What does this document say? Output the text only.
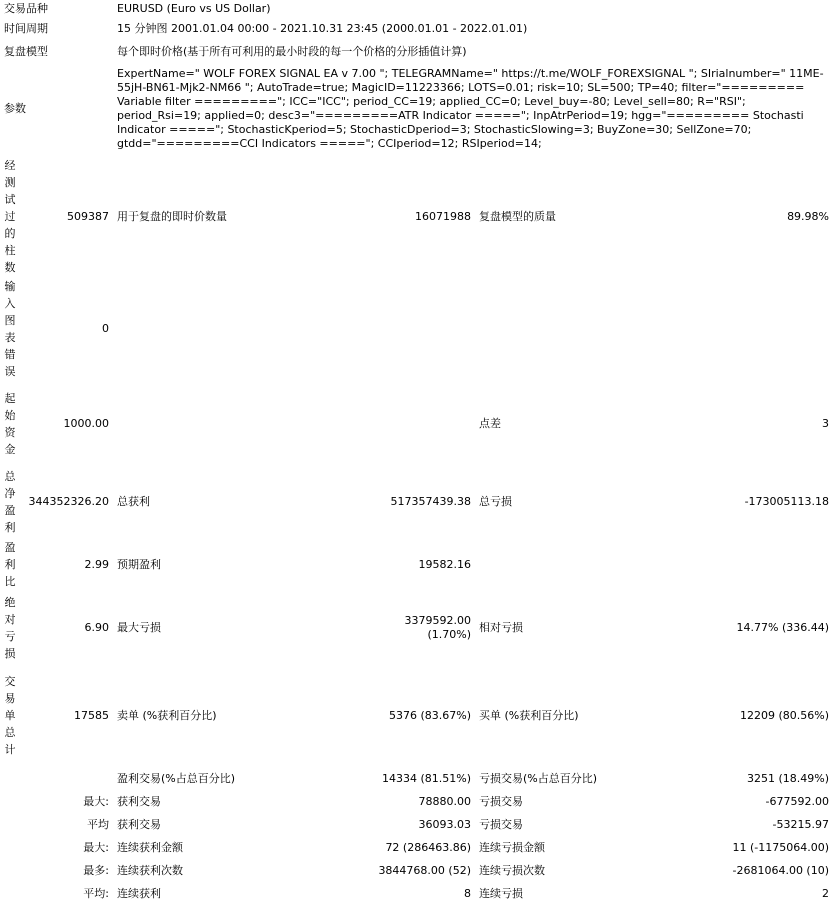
交易品种		EURUSD (Euro vs US Dollar)			
时间周期		15 分钟图 2001.01.04 00:00 - 2021.10.31 23:45 (2000.01.01 - 2022.01.01)			
复盘模型		每个即时价格(基于所有可利用的最小时段的每一个价格的分形插值计算)			
参数		ExpertName=" WOLF FOREX SIGNAL EA v 7.00 "; TELEGRAMName=" https://t.me/WOLF_FOREXSIGNAL "; SIrialnumber=" 11ME-55jH-BN61-Mjk2-NM66 "; AutoTrade=true; MagicID=11223366; LOTS=0.01; risk=10; SL=500; TP=40; filter="========= Variable filter ========="; ICC="ICC"; period_CC=19; applied_CC=0; Level_buy=-80; Level_sell=80; R="RSI"; period_Rsi=19; applied=0; desc3="=========ATR Indicator ====="; InpAtrPeriod=19; hgg="========= Stochasti Indicator ====="; StochasticKperiod=5; StochasticDperiod=3; StochasticSlowing=3; BuyZone=30; SellZone=70; gtdd="=========CCI Indicators ====="; CCIperiod=12; RSIperiod=14;			
经测试过的柱数	509387	用于复盘的即时价数量	16071988	复盘模型的质量	89.98%
输入图表错误	0				
起始资金	1000.00			点差	3
总净盈利	344352326.20	总获利	517357439.38	总亏损	-173005113.18
盈利比	2.99	预期盈利	19582.16		
绝对亏损	6.90	最大亏损	3379592.00 (1.70%)	相对亏损	14.77% (336.44)
交易单总计	17585	卖单 (%获利百分比)	5376 (83.67%)	买单 (%获利百分比)	12209 (80.56%)
		盈利交易(%占总百分比)	14334 (81.51%)	亏损交易(%占总百分比)	3251 (18.49%)
最大:		获利交易	78880.00	亏损交易	-677592.00
平均		获利交易	36093.03	亏损交易	-53215.97
最大:		连续获利金额	72 (286463.86)	连续亏损金额	11 (-1175064.00)
最多:		连续获利次数	3844768.00 (52)	连续亏损次数	-2681064.00 (10)
平均:		连续获利	8	连续亏损	2
